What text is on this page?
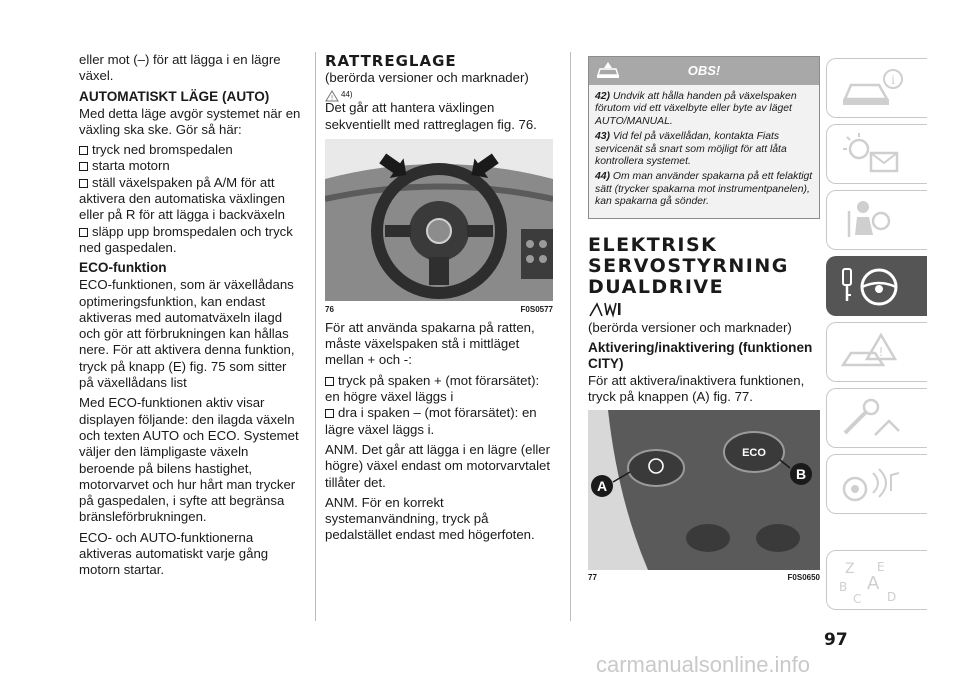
eller mot (–) för att lägga i en lägre växel.

AUTOMATISKT LÄGE (AUTO)

Med detta läge avgör systemet när en växling ska ske. Gör så här:

tryck ned bromspedalen
starta motorn
ställ växelspaken på A/M för att aktivera den automatiska växlingen eller på R för att lägga i backväxeln
släpp upp bromspedalen och tryck ned gaspedalen.
ECO-funktion

ECO-funktionen, som är växellådans optimeringsfunktion, kan endast aktiveras med automatväxeln ilagd och gör att förbrukningen kan hållas nere. För att aktivera denna funktion, tryck på knapp (E) fig. 75 som sitter på växellådans list

Med ECO-funktionen aktiv visar displayen följande: den ilagda växeln och texten AUTO och ECO. Systemet väljer den lämpligaste växeln beroende på bilens hastighet, motorvarvet och hur hårt man trycker på gaspedalen, i syfte att begränsa bränsleförbrukningen.

ECO- och AUTO-funktionerna aktiveras automatiskt varje gång motorn startar.

RATTREGLAGE

(berörda versioner och marknader)

! 44)

Det går att hantera växlingen sekventiellt med rattreglagen fig. 76.

76	F0S0577

För att använda spakarna på ratten, måste växelspaken stå i mittläget mellan + och -:

tryck på spaken + (mot förarsätet): en högre växel läggs i
dra i spaken – (mot förarsätet): en lägre växel läggs i.

ANM. Det går att lägga i en lägre (eller högre) växel endast om motorvarvtalet tillåter det.

ANM. För en korrekt systemanvändning, tryck på pedalstället endast med högerfoten.

OBS!
42) Undvik att hålla handen på växelspaken förutom vid ett växelbyte eller byte av läget AUTO/MANUAL.
43) Vid fel på växellådan, kontakta Fiats servicenät så snart som möjligt för att låta kontrollera systemet.
44) Om man använder spakarna på ett felaktigt sätt (trycker spakarna mot instrumentpanelen), kan spakarna gå sönder.
ELEKTRISK SERVOSTYRNING DUALDRIVE

(berörda versioner och marknader)

Aktivering/inaktivering (funktionen CITY)

För att aktivera/inaktivera funktionen, tryck på knappen (A) fig. 77.

ECO
A
B
77	F0S0650
i
!
Z E
B A
C D
97
carmanualsonline.info
